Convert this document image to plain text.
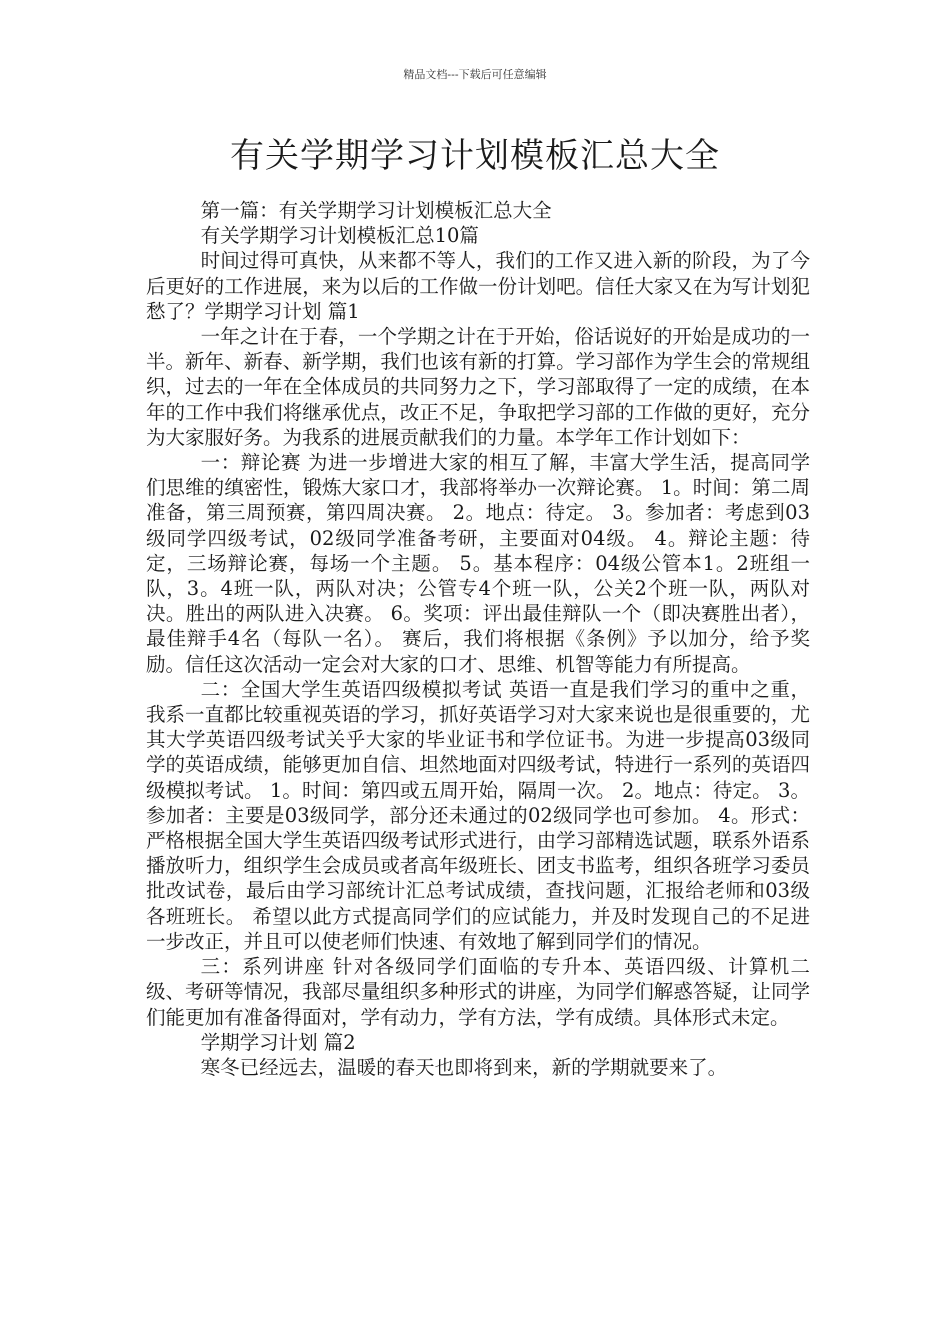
精品文档---下载后可任意编辑
有关学期学习计划模板汇总大全

第一篇：有关学期学习计划模板汇总大全

有关学期学习计划模板汇总10篇

时间过得可真快，从来都不等人，我们的工作又进入新的阶段，为了今后更好的工作进展，来为以后的工作做一份计划吧。信任大家又在为写计划犯愁了？学期学习计划 篇1

一年之计在于春，一个学期之计在于开始，俗话说好的开始是成功的一半。新年、新春、新学期，我们也该有新的打算。学习部作为学生会的常规组织，过去的一年在全体成员的共同努力之下，学习部取得了一定的成绩，在本年的工作中我们将继承优点，改正不足，争取把学习部的工作做的更好，充分为大家服好务。为我系的进展贡献我们的力量。本学年工作计划如下：

一：辩论赛 为进一步增进大家的相互了解，丰富大学生活，提高同学们思维的缜密性，锻炼大家口才，我部将举办一次辩论赛。 1。时间：第二周准备，第三周预赛，第四周决赛。 2。地点：待定。 3。参加者：考虑到03级同学四级考试，02级同学准备考研，主要面对04级。 4。辩论主题：待定，三场辩论赛，每场一个主题。 5。基本程序：04级公管本1。2班组一队，3。4班一队，两队对决；公管专4个班一队，公关2个班一队，两队对决。胜出的两队进入决赛。 6。奖项：评出最佳辩队一个（即决赛胜出者），最佳辩手4名（每队一名）。 赛后，我们将根据《条例》予以加分，给予奖励。信任这次活动一定会对大家的口才、思维、机智等能力有所提高。

二：全国大学生英语四级模拟考试 英语一直是我们学习的重中之重，我系一直都比较重视英语的学习，抓好英语学习对大家来说也是很重要的，尤其大学英语四级考试关乎大家的毕业证书和学位证书。为进一步提高03级同学的英语成绩，能够更加自信、坦然地面对四级考试，特进行一系列的英语四级模拟考试。 1。时间：第四或五周开始，隔周一次。 2。地点：待定。 3。参加者：主要是03级同学，部分还未通过的02级同学也可参加。 4。形式：严格根据全国大学生英语四级考试形式进行，由学习部精选试题，联系外语系播放听力，组织学生会成员或者高年级班长、团支书监考，组织各班学习委员批改试卷，最后由学习部统计汇总考试成绩，查找问题，汇报给老师和03级各班班长。 希望以此方式提高同学们的应试能力，并及时发现自己的不足进一步改正，并且可以使老师们快速、有效地了解到同学们的情况。

三：系列讲座 针对各级同学们面临的专升本、英语四级、计算机二级、考研等情况，我部尽量组织多种形式的讲座，为同学们解惑答疑，让同学们能更加有准备得面对，学有动力，学有方法，学有成绩。具体形式未定。

学期学习计划 篇2

寒冬已经远去，温暖的春天也即将到来，新的学期就要来了。
